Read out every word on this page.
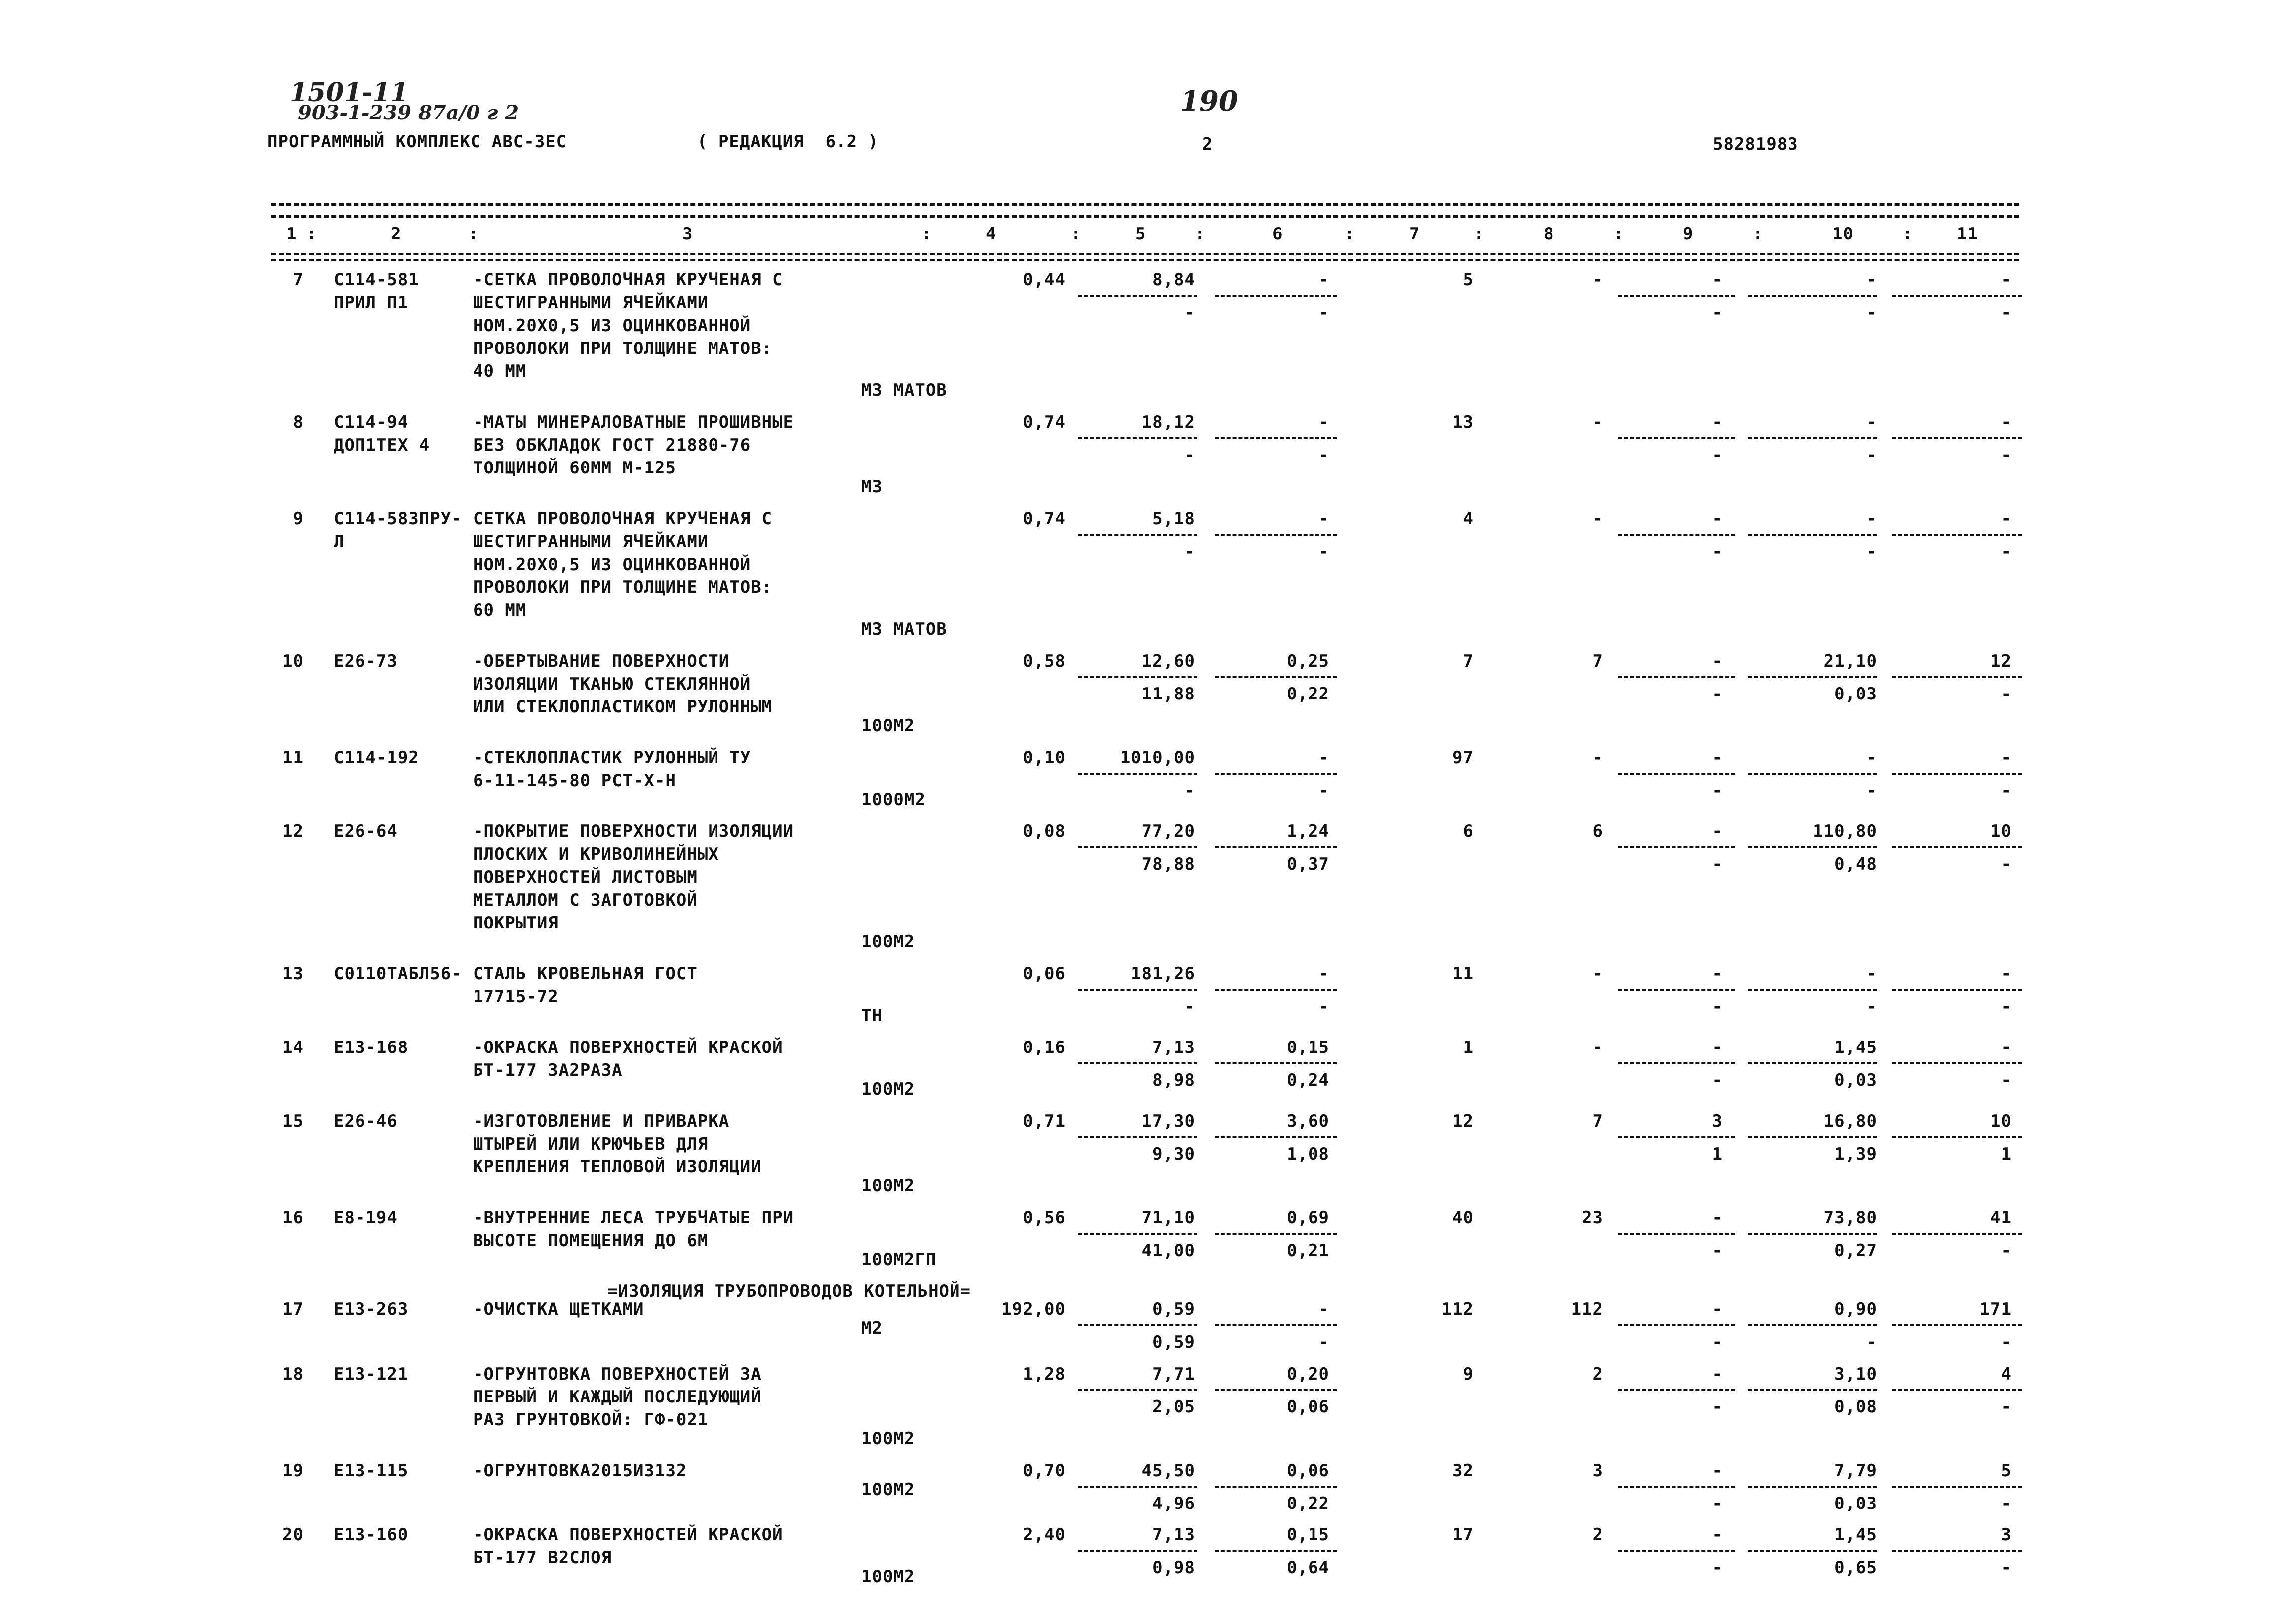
1501-11
903-1-239 87а/0 г 2	190
ПРОГРАММНЫЙ КОМПЛЕКС АВС-ЗЕС	( РЕДАКЦИЯ  6.2 )	2	58281983
1	2	3	4	5	6	7	8	9	10	11
:	:	:	:	:	:	:	:	:	:
7 С114-581
ПРИЛ П1
-СЕТКА ПРОВОЛОЧНАЯ КРУЧЕНАЯ С
ШЕСТИГРАННЫМИ ЯЧЕЙКАМИ
НОМ.20Х0,5 ИЗ ОЦИНКОВАННОЙ
ПРОВОЛОКИ ПРИ ТОЛЩИНЕ МАТОВ:
40 ММ
М3 МАТОВ
0,44	8,84	-	5	-	-	-	-
-	-	-	-	-
8 С114-94
ДОП1ТЕХ 4
-МАТЫ МИНЕРАЛОВАТНЫЕ ПРОШИВНЫЕ
БЕЗ ОБКЛАДОК ГОСТ 21880-76
ТОЛЩИНОЙ 60ММ М-125
М3
0,74	18,12	-	13	-	-	-	-
-	-	-	-	-
9 С114-583ПРУ-
Л
СЕТКА ПРОВОЛОЧНАЯ КРУЧЕНАЯ С
ШЕСТИГРАННЫМИ ЯЧЕЙКАМИ
НОМ.20Х0,5 ИЗ ОЦИНКОВАННОЙ
ПРОВОЛОКИ ПРИ ТОЛЩИНЕ МАТОВ:
60 ММ
М3 МАТОВ
0,74	5,18	-	4	-	-	-	-
-	-	-	-	-
10 Е26-73	-ОБЕРТЫВАНИЕ ПОВЕРХНОСТИ
ИЗОЛЯЦИИ ТКАНЬЮ СТЕКЛЯННОЙ
ИЛИ СТЕКЛОПЛАСТИКОМ РУЛОННЫМ
100М2
0,58	12,60	0,25	7	7	-	21,10	12
11,88	0,22	-	0,03	-
11 С114-192	-СТЕКЛОПЛАСТИК РУЛОННЫЙ ТУ
6-11-145-80 РСТ-Х-Н
1000М2
0,10	1010,00	-	97	-	-	-	-
-	-	-	-	-
12 Е26-64	-ПОКРЫТИЕ ПОВЕРХНОСТИ ИЗОЛЯЦИИ
ПЛОСКИХ И КРИВОЛИНЕЙНЫХ
ПОВЕРХНОСТЕЙ ЛИСТОВЫМ
МЕТАЛЛОМ С ЗАГОТОВКОЙ
ПОКРЫТИЯ
100М2
0,08	77,20	1,24	6	6	-	110,80	10
78,88	0,37	-	0,48	-
13 С0110ТАБЛ56- СТАЛЬ КРОВЕЛЬНАЯ ГОСТ
17715-72
ТН
0,06	181,26	-	11	-	-	-	-
-	-	-	-	-
14 Е13-168	-ОКРАСКА ПОВЕРХНОСТЕЙ КРАСКОЙ
БТ-177 ЗА2РАЗА
100М2
0,16	7,13	0,15	1	-	-	1,45	-
8,98	0,24	-	0,03	-
15 Е26-46	-ИЗГОТОВЛЕНИЕ И ПРИВАРКА
ШТЫРЕЙ ИЛИ КРЮЧЬЕВ ДЛЯ
КРЕПЛЕНИЯ ТЕПЛОВОЙ ИЗОЛЯЦИИ
100М2
0,71	17,30	3,60	12	7	3	16,80	10
9,30	1,08	1	1,39	1
16 Е8-194	-ВНУТРЕННИЕ ЛЕСА ТРУБЧАТЫЕ ПРИ
ВЫСОТЕ ПОМЕЩЕНИЯ ДО 6М
100М2ГП
0,56	71,10	0,69	40	23	-	73,80	41
41,00	0,21	-	0,27	-
=ИЗОЛЯЦИЯ ТРУБОПРОВОДОВ КОТЕЛЬНОЙ=
17 Е13-263	-ОЧИСТКА ЩЕТКАМИ
М2
192,00	0,59	-	112	112	-	0,90	171
0,59	-	-	-	-
18 Е13-121	-ОГРУНТОВКА ПОВЕРХНОСТЕЙ ЗА
ПЕРВЫЙ И КАЖДЫЙ ПОСЛЕДУЮЩИЙ
РАЗ ГРУНТОВКОЙ: ГФ-021
100М2
1,28	7,71	0,20	9	2	-	3,10	4
2,05	0,06	-	0,08	-
19 Е13-115	-ОГРУНТОВКА2015И3132
100М2
0,70	45,50	0,06	32	3	-	7,79	5
4,96	0,22	-	0,03	-
20 Е13-160	-ОКРАСКА ПОВЕРХНОСТЕЙ КРАСКОЙ
БТ-177 В2СЛОЯ
100М2
2,40	7,13	0,15	17	2	-	1,45	3
0,98	0,64	-	0,65	-
